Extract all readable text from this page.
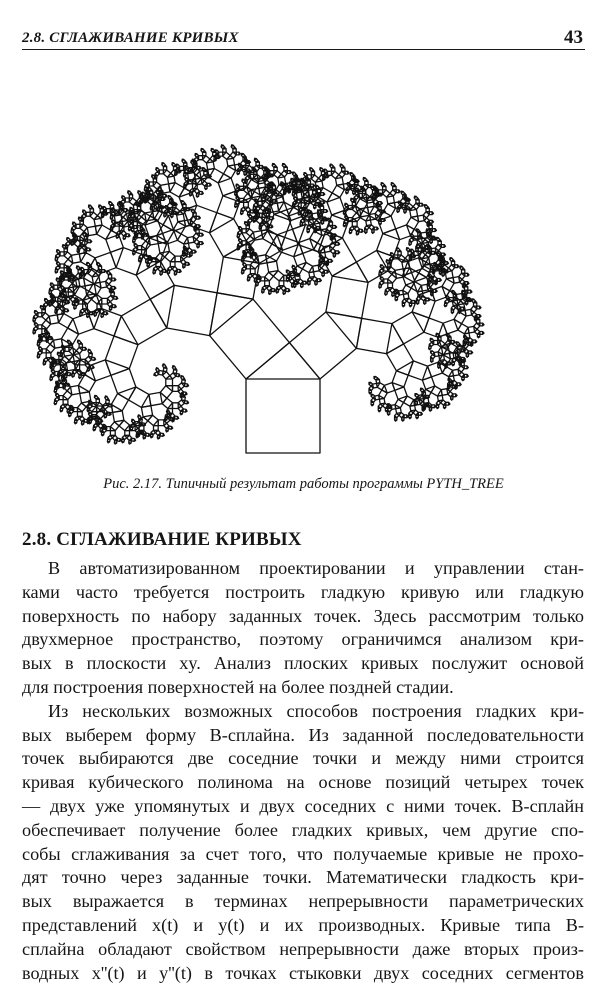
2.8. СГЛАЖИВАНИЕ КРИВЫХ	43
Рис. 2.17. Типичный результат работы программы PYTH_TREE
2.8. СГЛАЖИВАНИЕ КРИВЫХ

В автоматизированном проектировании и управлении стан-
ками часто требуется построить гладкую кривую или гладкую
поверхность по набору заданных точек. Здесь рассмотрим только
двухмерное пространство, поэтому ограничимся анализом кри-
вых в плоскости xy. Анализ плоских кривых послужит основой
для построения поверхностей на более поздней стадии.

Из нескольких возможных способов построения гладких кри-
вых выберем форму B-сплайна. Из заданной последовательности
точек выбираются две соседние точки и между ними строится
кривая кубического полинома на основе позиций четырех точек
— двух уже упомянутых и двух соседних с ними точек. B-сплайн
обеспечивает получение более гладких кривых, чем другие спо-
собы сглаживания за счет того, что получаемые кривые не прохо-
дят точно через заданные точки. Математически гладкость кри-
вых выражается в терминах непрерывности параметрических
представлений x(t) и y(t) и их производных. Кривые типа B-
сплайна обладают свойством непрерывности даже вторых произ-
водных x''(t) и y''(t) в точках стыковки двух соседних сегментов
